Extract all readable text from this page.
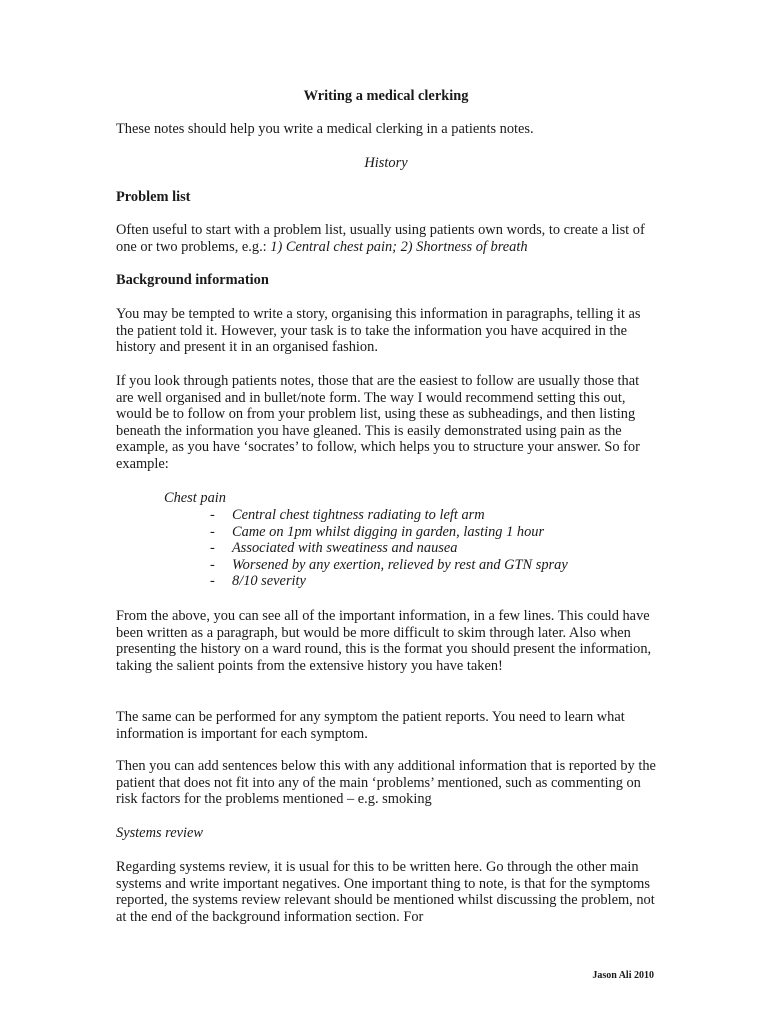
Writing a medical clerking

These notes should help you write a medical clerking in a patients notes.

History

Problem list

Often useful to start with a problem list, usually using patients own words, to create a list of one or two problems, e.g.: 1) Central chest pain; 2) Shortness of breath

Background information

You may be tempted to write a story, organising this information in paragraphs, telling it as the patient told it. However, your task is to take the information you have acquired in the history and present it in an organised fashion.

If you look through patients notes, those that are the easiest to follow are usually those that are well organised and in bullet/note form. The way I would recommend setting this out, would be to follow on from your problem list, using these as subheadings, and then listing beneath the information you have gleaned. This is easily demonstrated using pain as the example, as you have ‘socrates’ to follow, which helps you to structure your answer. So for example:

Chest pain

- Central chest tightness radiating to left arm
- Came on 1pm whilst digging in garden, lasting 1 hour
- Associated with sweatiness and nausea
- Worsened by any exertion, relieved by rest and GTN spray
- 8/10 severity

From the above, you can see all of the important information, in a few lines. This could have been written as a paragraph, but would be more difficult to skim through later. Also when presenting the history on a ward round, this is the format you should present the information, taking the salient points from the extensive history you have taken!

The same can be performed for any symptom the patient reports. You need to learn what information is important for each symptom.

Then you can add sentences below this with any additional information that is reported by the patient that does not fit into any of the main ‘problems’ mentioned, such as commenting on risk factors for the problems mentioned – e.g. smoking

Systems review

Regarding systems review, it is usual for this to be written here. Go through the other main systems and write important negatives. One important thing to note, is that for the symptoms reported, the systems review relevant should be mentioned whilst discussing the problem, not at the end of the background information section. For

Jason Ali 2010
